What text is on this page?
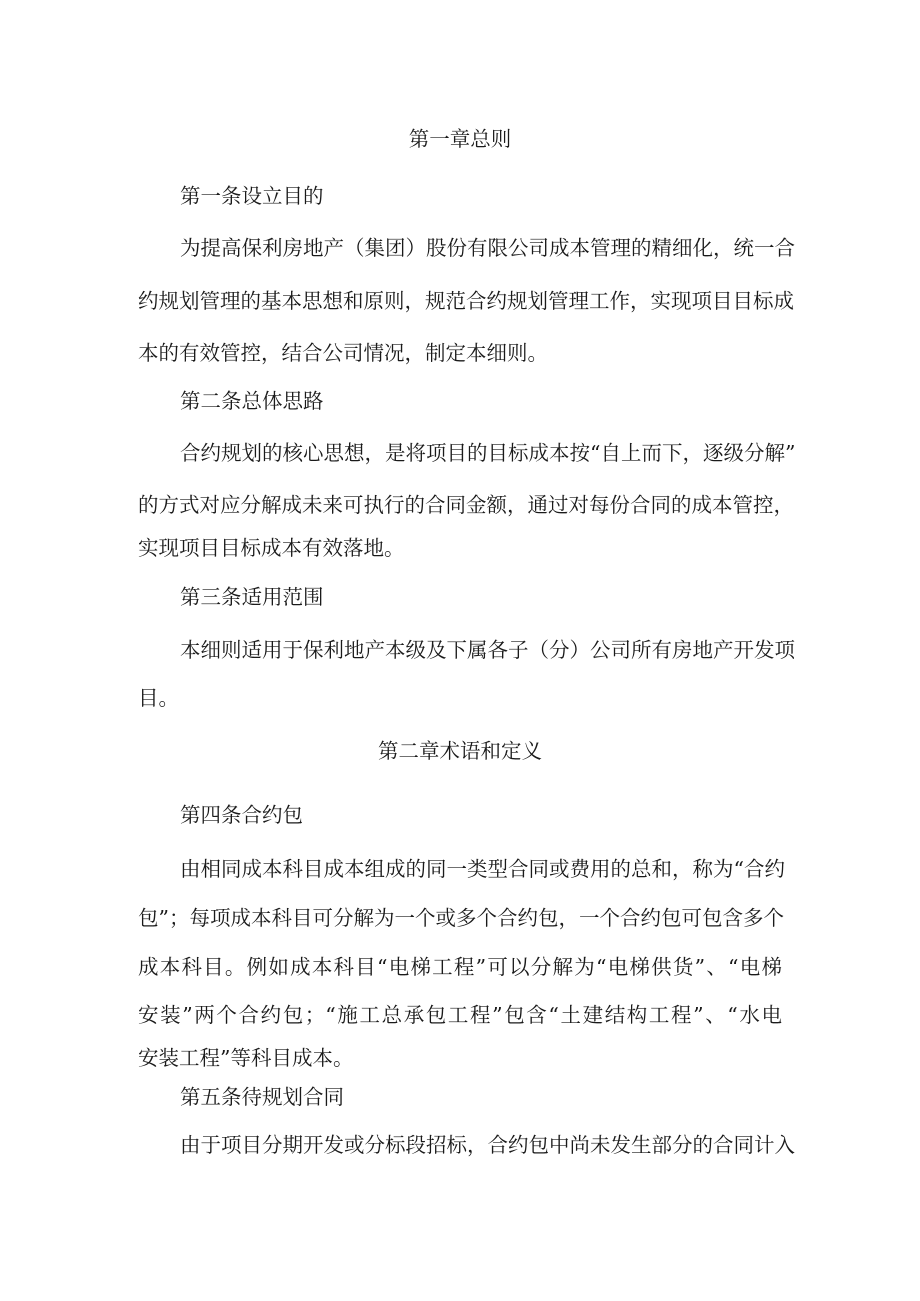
第一章总则
第一条设立目的
为提高保利房地产（集团）股份有限公司成本管理的精细化，统一合
约规划管理的基本思想和原则，规范合约规划管理工作，实现项目目标成
本的有效管控，结合公司情况，制定本细则。
第二条总体思路
合约规划的核心思想，是将项目的目标成本按“自上而下，逐级分解”
的方式对应分解成未来可执行的合同金额，通过对每份合同的成本管控，
实现项目目标成本有效落地。
第三条适用范围
本细则适用于保利地产本级及下属各子（分）公司所有房地产开发项
目。
第二章术语和定义
第四条合约包
由相同成本科目成本组成的同一类型合同或费用的总和，称为“合约
包”；每项成本科目可分解为一个或多个合约包，一个合约包可包含多个
成本科目。例如成本科目“电梯工程”可以分解为“电梯供货”、“电梯
安装”两个合约包；“施工总承包工程”包含“土建结构工程”、“水电
安装工程”等科目成本。
第五条待规划合同
由于项目分期开发或分标段招标，合约包中尚未发生部分的合同计入
